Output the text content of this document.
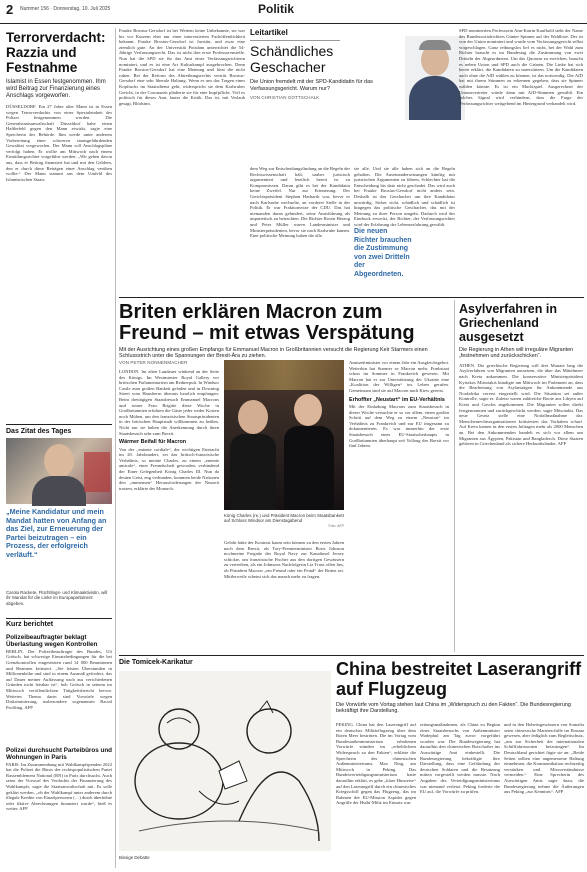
2 Nummer 156 · Donnerstag, 10. Juli 2025	Politik
Terrorverdacht: Razzia und Festnahme
Islamist in Essen festgenommen. Ihm wird Beitrag zur Finanzierung eines Anschlags vorgeworfen.
DÜSSELDORF. Ein 27 Jahre alter Mann ist in Essen wegen Terrorverdachts von einer Spezialeinheit der Polizei festgenommen worden. Die Generalstaatsanwaltschaft Düsseldorf habe einen Haftbefehl gegen den Mann erwirkt, sagte eine Sprecherin des Behörde. Ihm werde unter anderem Vorbereitung einer schweren staatsgefährdenden Gewalttat vorgeworfen. Der Mann soll Anschlagspläne verfolgt haben. Er wollte am Mittwoch nach einem Ermittlungsrichter vorgeführt werden. „Wir gehen davon aus, dass er Beitrag finanziert hat und mit den Geldern, den er durch diese Beträgen einer Anschlag verüben wollte.“ Der Mann stammt aus dem Umfeld des Islamistischen Staats.
Das Zitat des Tages
Photo: dpa
„Meine Kandidatur und mein Mandat hatten von Anfang an das Ziel, zur Erneuerung der Partei beizutragen – ein Prozess, der erfolgreich verläuft.“
Carola Rackete, Flüchtlings- und Klimaaktivistin, will ihr Mandat für die Linke im Europaparlament abgeben.
Kurz berichtet
Polizeibeauftragter beklagt Überlastung wegen Kontrollen
BERLIN. Der Polizeibeauftragte des Bundes, Uli Grötsch, hat schwerige Einsatzbedingungen für die bei Grenzkontrollen eingesetzten rund 14 000 Beamtinnen und Beamten kritisiert. „Sie leisten Überstunden in Millionenhöhe und sind in einem Ausmaß gefordert, das auf Dauer meiner Auffassung nach aus verschiedenen Gründen nicht leistbar ist“, hob Grötsch in seinem im Mittwoch veröffentlichten Tätigkeitsbericht hervor. Weiteres Thema darin sind Vorwürfe wegen Diskriminierung, insbesondere sogenanntes Racial Profiling. AFP
Polizei durchsucht Parteibüros und Wohnungen in Paris
PARIS. Im Zusammenhang mit Wahlkampfspenden 2022 hat die Polizei die Büros der rechtspopulistischen Partei Rassemblement National (RN) in Paris durchsucht. Auch seien der Vorwurf des Verdachts der Finanzierung des Wahlkampfs, sagte die Staatsanwaltschaft mit. Es solle geklärt werden, „ob der Wahlkampf unter anderem durch illegale Kredite von Einzelpersonen (…) durch überhöhte oder fiktive Abrechnungen finanziert wurde“, hieß es weiter. AFP
Frauke Brosius-Gersdorf ist bei Weitem keine Unbekannte, sie war bis vor Kurzem eher nur einer interessierten Fachöffentlichkeit bekannt. Frauke Brosius-Gersdorf ist Juristin, und zwar eine ziemlich gute. An der Universität Potsdam unterrichtet die 54-Jährige Verfassungsrecht. Das ist nicht ihre erste Professorenstelle. Nun hat die SPD sie für das Amt einer Verfassungsrichterin nominiert, und es ist eine Art Kulturkampf ausgebrochen. Denn Frauke Brosius-Gersdorf hat eine Meinung und lässt die nicht ruhen. Bei der Reform des Abtreibungsrechts vertritt Brosius-Gersdorf eine sehr liberale Haltung. Wenn es um das Tragen eines Kopftuchs im Staatsdienst geht, widerspricht sie dem Karlsruher Gericht, in der Coronazeit plädierte sie für eine Impfpflicht. Viel es politisch für dieses Amt, lauter die Kritik. Das ist, mit Verlaub gesagt, Blödsinn.
Leitartikel
Schändliches Geschacher
Die Union fremdelt mit der SPD-Kandidatin für das Verfassungsgericht. Warum nur?
VON CHRISTIAN GOTTSCHALK
dem Weg zur Entscheidungsfindung an die Regeln der Rechtswissenschaft hält, sauber juristisch argumentiert und letztlich bereit ist zu Kompromissen. Daran gibt es bei der Kandidatin keine Zweifel. Nur zur Erinnerung: Der Gerichtspräsident Stephan Harbarth war, bevor er nach Karlsruhe wechselte, an vorderer Stelle in der Politik. Er war Fraktionsvize der CDU. Das hat niemanden daran gehindert, seine Amtsführung als unparteiisch zu betrachten. Die Richter Rosen Herzog und Peter Müller waren Landesminister und Ministerpräsidenten, bevor sie nach Karlsruhe kamen. Eine politische Meinung haben die alle.
sie alle. Und sie alle haben sich an die Regeln gehalten. Die Auseinandersetzungen künftig mit juristischen Argumenten zu führen, Schlechter hat die Entscheidung bis dato nicht geschadet. Das wird auch bei Frauke Brosius-Gersdorf nicht anders sein. Deshalb ist das Geschacher um ihre Kandidatur unwürdig. Sicher sicht, schädlich und schädlich ist hingegen das politische Geschacher, das mit der Meinung zu ihrer Person umgeht. Dadurch wird der Eindruck erweckt, der Richter, der Verfassungsrichter wird der Erfahrung der Lebenserfahrung gewählt.
Die neuen Richter brauchen die Zustimmung von zwei Dritteln der Abgeordneten.
SPD nominierten Professorin Ann-Katrin Kaufhold steht der Name des Bundessozialrichters Günter Spinner auf der Wahlliste. Der ist von der Union nominiert und wurde vom Verfassungsgericht selbst vorgeschlagen. Ganz reibungslos lief es nicht, bei der Wahl zum Richter braucht es im Bundestag die Zustimmung von zwei Dritteln der Abgeordneten. Um das Quorum zu erreichen, braucht es neben Union und SPD auch die Grünen. Die Linke hat sich bereit erklärt, die Kandidaten zu unterstützen. Um die Kandidaten auch ohne die AfD wählen zu können, ist das notwendig. Die AfD hat mit ihrem Stimmen zu erkennen gegeben, dass sie Spinner wählen könnte. Es ist ein Machtspiel. Ausgerechnet der Unionsvertreter würde dann mit AfD-Stimmen gewählt. Ein solches Signal wird verhindern, dass die Frage der Verfassungsrichter weitgehend im Hintergrund verhandelt wird.
Briten erklären Macron zum Freund – mit etwas Verspätung
Mit der Ausrichtung eines großen Empfangs für Emmanuel Macron in Großbritannien versucht die Regierung Keir Starmers einen Schlussstrich unter die Spannungen der Brexit-Ära zu ziehen.
VON PETER NONNENMACHER
LONDON. Im alten Landauer winkend an der Seite des Königs. Im Westminster Royal Gallery vor britischen Parlamentariern am Rednerpult. In Windsor Castle zum großen Bankett geladen und in Downing Street vom Hausherrn überaus herzlich empfangen: Beim dreitägigen Staatsbesuch Emmanuel Macrons und seiner Frau Brigitte diese Woche in Großbritannien erfuhren die Gäste jeder weder Kosten noch Mühen, um den französischen Staatspräsidenten in der britischen Hauptstadt willkommen zu heißen. Nicht nur sie halten die Anerkennung durch ihren Staatsbesuch sehr zum Brexit.
Wärmer Beifall für Macron
Von der „entente cordiale“, der wichtigen Eintracht im 20. Jahrhundert, sei das britisch-französische Verhältnis, so meinte Charles, zu einem „entente amicale“, einer Freundschaft geworden, verbindend der Einer Gelegenheit König Charles III. Nun da deuten Geist, eng verbunden, kommen beide Nationen den „immensen“ Herausforderungen der Neuzeit trotzen, erklärte der Monarch.
König Charles (re.) und Präsident Macron beim Staatsbankett auf Schloss Windsor am Dienstagabend
Foto: AFP
Gelobt hätte der Kontrast kaum sein können zu den ersten Jahren nach dem Brexit, als Tory-Premierminister Boris Johnson nochmeine Fregatte der Royal Navy zur Kanalinsel Jersey schickte, um französische Fischer aus den dortigen Gewässern zu vertreiben, als ein Johnsons Nachfolgerin Liz Truss offen lies, ob Präsident Macron „ein Freund oder ein Feind“ der Briten sei. Mittlerweile scheint sich das manch mehr zu fragen.
Amtszeitminister vor einem Jahr ein Ausgleichsgebot. Weiterhin hat Starmer se Macron mehr. Firnbstaat schon im Sommer in Frankreich gewesen. Mit Macron hat er zur Unterstützung der Ukraine eine „Koalition der Willigen“ ins Leben gerufen. Gemeinsam sind sie auf Macron nach Kiew gereist.
Erhoffter „Neustart“ im EU-Verhältnis
Mit der Einladung Macrons zum Staatsbesuch in dieser Woche versuchte er so vor allem, einen großen Schritt auf dem Weg zu einem „Neustart“ im Verhältnis zu Frankreich und zur EU insgesamt zu dokumentieren. Es war immerhin der erste Staatsbesuch eines EU-Staatsoberhaupts in Großbritannien überhaupt seit Vollzug des Brexit vor fünf Jahren.
Asylverfahren in Griechenland ausgesetzt
Die Regierung in Athen will irreguläre Migranten „festnehmen und zurückschicken“.
ATHEN. Die griechische Regierung will drei Monate lang die Asylverfahren von Migranten aussetzen, die über das Mittelmeer nach Kreta ankommen. Die konservative Ministerpräsident Kyriakos Mitsotakis kündigte am Mittwoch im Parlament an, dass die Bearbeitung von Asylanträgen für Ankommende aus Nordafrika vorerst eingestellt wird. Die Situation sei außer Kontrolle, sagte er. Zuletzt waren zahlreiche Boote aus Libyen auf Kreta und Gavdos angekommen. Die Migranten sollen direkt festgenommen und zurückgeschickt werden, sagte Mitsotakis. Das neue Gesetz stelle eine Notfallmaßnahme dar. Menschenrechtsorganisationen kritisierten das Vorhaben scharf. Auf Kreta kamen in den ersten Julitagen mehr als 2000 Menschen an. Bei den Ankommenden handelt es sich vor allem um Migranten aus Ägypten, Pakistan und Bangladesch. Diese Staaten gehören in Griechenland als sichere Herkunftsländer. AFP
Die Tomicek-Karikatur
Bissige Debatte
China bestreitet Laserangriff auf Flugzeug
Die Vorwürfe vom Vortag stehen laut China im „Widerspruch zu den Fakten“. Die Bundesregierung bekräftigt ihre Darstellung.
PEKING. China hat den Laserangriff auf ein deutsches Militärflugzeug über dem Roten Meer bestritten. Die im Vortag vom Bundesaußenministerium erhobenen Vorwürfe stünden im „erheblichem Widerspruch zu den Fakten“, erklärte die Sprecherin des chinesischen Außenministeriums, Mao Ning, am Mittwoch in Peking. Das Bundesverteidigungsministerium hatte daraufhin erklärt, es gebe „klare Hinweise“ auf den Laserangriff durch ein chinesisches Kriegsschiff gegen das Flugzeug, das im Rahmen der EU-Mission Aspides gegen Angriffe der Huthi-Miliz im Einsatz war.
reitungsmaßnahmen, als China zu Beginn eines Staatsbesuchs von Außenminister Wadephul am Tag zuvor vorgeführt worden war. Die Bundesregierung hat daraufhin den chinesischen Botschafter ins Auswärtige Amt einbestellt. Die Bundesregierung bekräftigte ihre Darstellung, dass eine Gefährdung der deutschen Soldaten und die Besatzung mitten vorgestellt werden musste. Nach Angaben des Verteidigungsministeriums war niemand verletzt. Peking forderte die EU auf, die Vorwürfe zu prüfen.
und in den Hoheitsgewässern von Somalia seien chinesische Marineschiffe im Einsatz gewesen, aber lediglich zum Begleitschutz, „um zur Sicherheit der internationalen Schifffahrtsrouten beizutragen“. Im Deutschland gerichtet fügte sie an: „Beide Seiten sollten eine angemessene Haltung einnehmen, die Kommunikation rechtzeitig verstärken und Missverständnisse vermeiden.“ Eine Sprecherin des Auswärtigen Amts sagte dazu, die Bundesregierung nehme die Äußerungen aus Peking „zur Kenntnis“. AFP
